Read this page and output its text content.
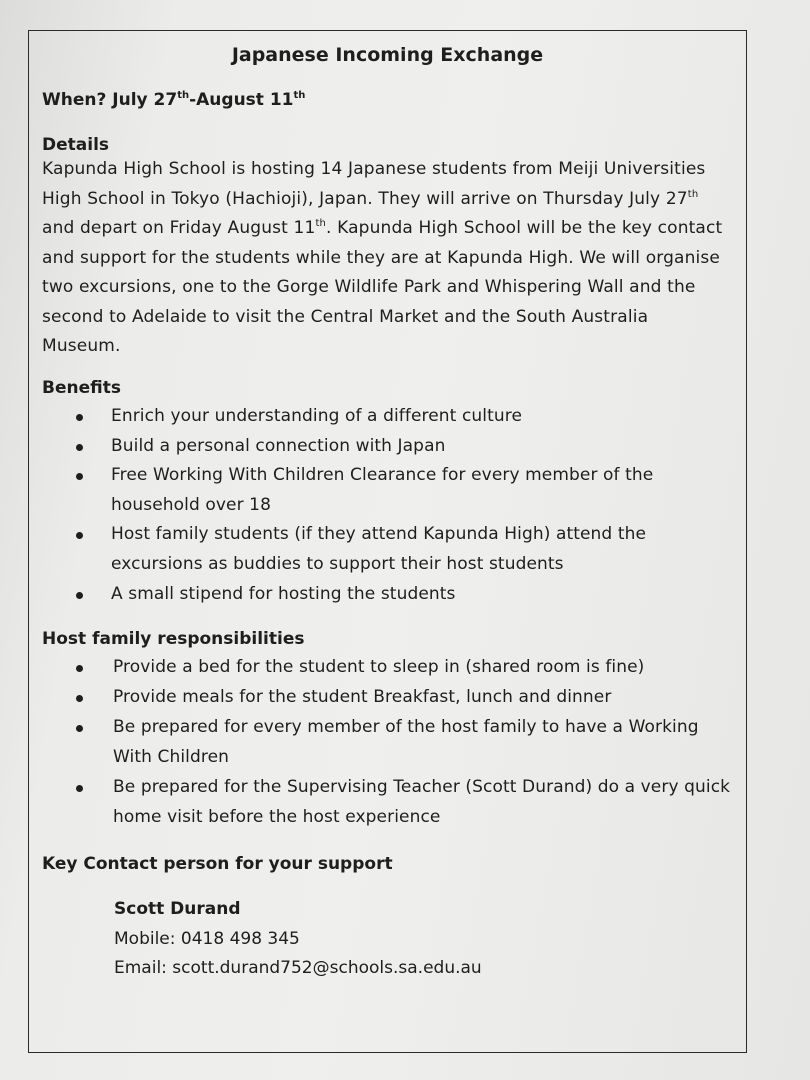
Japanese Incoming Exchange

When? July 27th-August 11th

Details

Kapunda High School is hosting 14 Japanese students from Meiji Universities
High School in Tokyo (Hachioji), Japan. They will arrive on Thursday July 27th
and depart on Friday August 11th. Kapunda High School will be the key contact
and support for the students while they are at Kapunda High. We will organise
two excursions, one to the Gorge Wildlife Park and Whispering Wall and the
second to Adelaide to visit the Central Market and the South Australia
Museum.

Benefits

Enrich your understanding of a different culture
Build a personal connection with Japan
Free Working With Children Clearance for every member of the
household over 18
Host family students (if they attend Kapunda High) attend the
excursions as buddies to support their host students
A small stipend for hosting the students

Host family responsibilities

Provide a bed for the student to sleep in (shared room is fine)
Provide meals for the student Breakfast, lunch and dinner
Be prepared for every member of the host family to have a Working
With Children
Be prepared for the Supervising Teacher (Scott Durand) do a very quick
home visit before the host experience

Key Contact person for your support

Scott Durand
Mobile: 0418 498 345
Email: scott.durand752@schools.sa.edu.au
